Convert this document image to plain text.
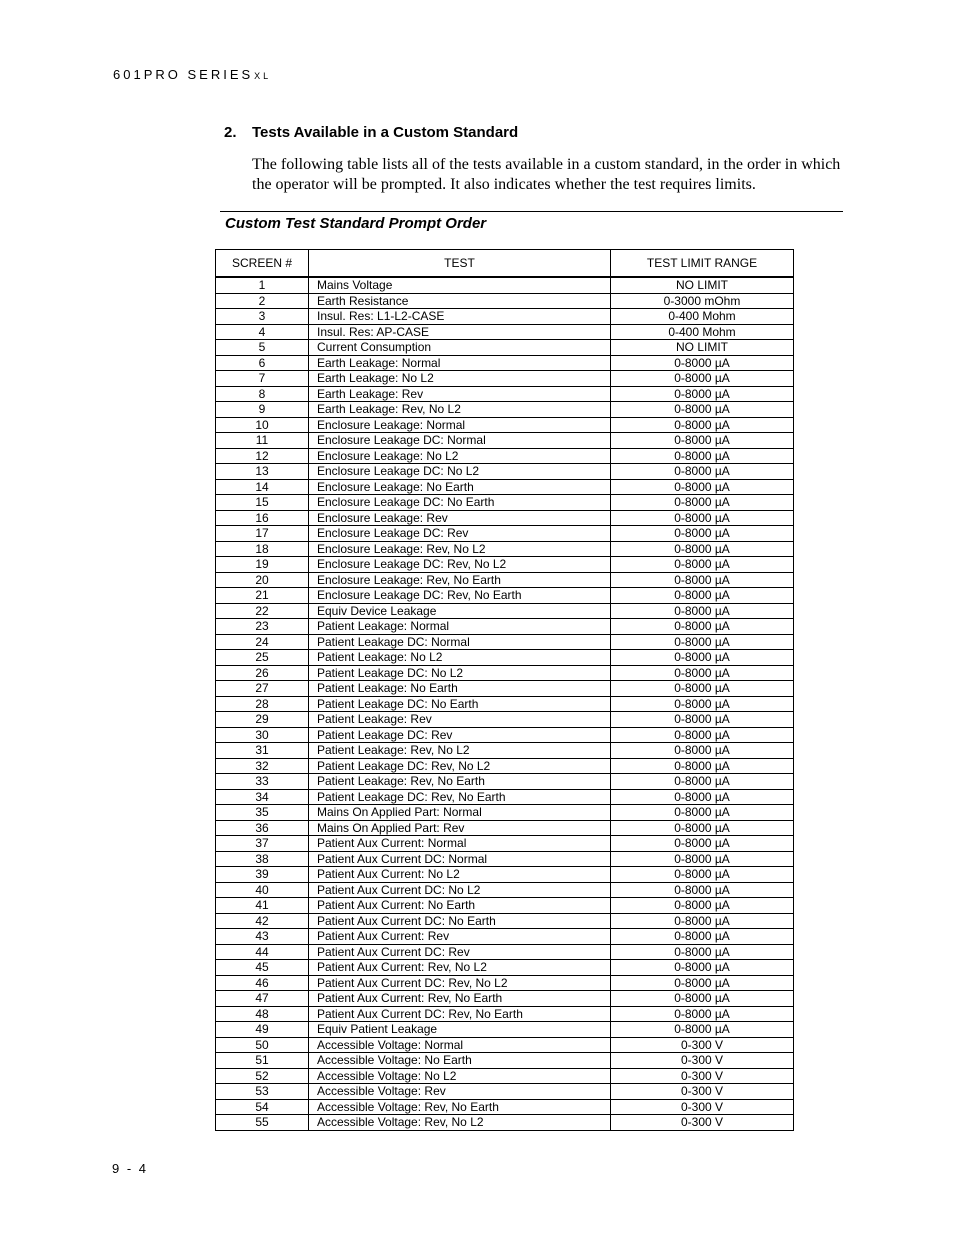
601PRO SERIESXL
2. Tests Available in a Custom Standard

The following table lists all of the tests available in a custom standard, in the order in which the operator will be prompted. It also indicates whether the test requires limits.

Custom Test Standard Prompt Order
SCREEN #	TEST	TEST LIMIT RANGE
1	Mains Voltage	NO LIMIT
2	Earth Resistance	0-3000 mOhm
3	Insul. Res: L1-L2-CASE	0-400 Mohm
4	Insul. Res: AP-CASE	0-400 Mohm
5	Current Consumption	NO LIMIT
6	Earth Leakage: Normal	0-8000 µA
7	Earth Leakage: No L2	0-8000 µA
8	Earth Leakage: Rev	0-8000 µA
9	Earth Leakage: Rev, No L2	0-8000 µA
10	Enclosure Leakage: Normal	0-8000 µA
11	Enclosure Leakage DC: Normal	0-8000 µA
12	Enclosure Leakage: No L2	0-8000 µA
13	Enclosure Leakage DC: No L2	0-8000 µA
14	Enclosure Leakage: No Earth	0-8000 µA
15	Enclosure Leakage DC: No Earth	0-8000 µA
16	Enclosure Leakage: Rev	0-8000 µA
17	Enclosure Leakage DC: Rev	0-8000 µA
18	Enclosure Leakage: Rev, No L2	0-8000 µA
19	Enclosure Leakage DC: Rev, No L2	0-8000 µA
20	Enclosure Leakage: Rev, No Earth	0-8000 µA
21	Enclosure Leakage DC: Rev, No Earth	0-8000 µA
22	Equiv Device Leakage	0-8000 µA
23	Patient Leakage: Normal	0-8000 µA
24	Patient Leakage DC: Normal	0-8000 µA
25	Patient Leakage: No L2	0-8000 µA
26	Patient Leakage DC: No L2	0-8000 µA
27	Patient Leakage: No Earth	0-8000 µA
28	Patient Leakage DC: No Earth	0-8000 µA
29	Patient Leakage: Rev	0-8000 µA
30	Patient Leakage DC: Rev	0-8000 µA
31	Patient Leakage: Rev, No L2	0-8000 µA
32	Patient Leakage DC: Rev, No L2	0-8000 µA
33	Patient Leakage: Rev, No Earth	0-8000 µA
34	Patient Leakage DC: Rev, No Earth	0-8000 µA
35	Mains On Applied Part: Normal	0-8000 µA
36	Mains On Applied Part: Rev	0-8000 µA
37	Patient Aux Current: Normal	0-8000 µA
38	Patient Aux Current DC: Normal	0-8000 µA
39	Patient Aux Current: No L2	0-8000 µA
40	Patient Aux Current DC: No L2	0-8000 µA
41	Patient Aux Current: No Earth	0-8000 µA
42	Patient Aux Current DC: No Earth	0-8000 µA
43	Patient Aux Current: Rev	0-8000 µA
44	Patient Aux Current DC: Rev	0-8000 µA
45	Patient Aux Current: Rev, No L2	0-8000 µA
46	Patient Aux Current DC: Rev, No L2	0-8000 µA
47	Patient Aux Current: Rev, No Earth	0-8000 µA
48	Patient Aux Current DC: Rev, No Earth	0-8000 µA
49	Equiv Patient Leakage	0-8000 µA
50	Accessible Voltage: Normal	0-300 V
51	Accessible Voltage: No Earth	0-300 V
52	Accessible Voltage: No L2	0-300 V
53	Accessible Voltage: Rev	0-300 V
54	Accessible Voltage: Rev, No Earth	0-300 V
55	Accessible Voltage: Rev, No L2	0-300 V
9 - 4
